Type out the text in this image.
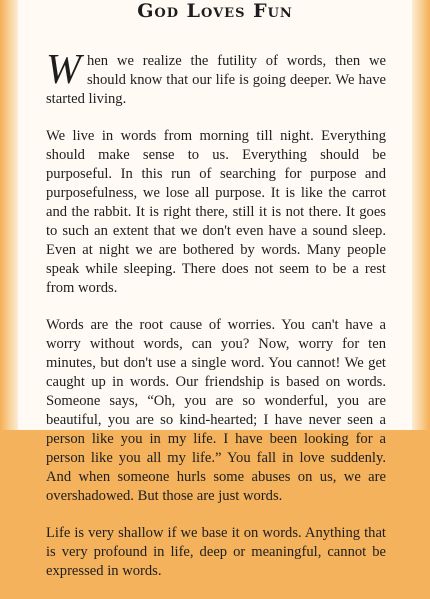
God Loves Fun

When we realize the futility of words, then we should know that our life is going deeper. We have started living.

We live in words from morning till night. Everything should make sense to us. Everything should be purposeful. In this run of searching for purpose and purposefulness, we lose all purpose. It is like the carrot and the rabbit. It is right there, still it is not there. It goes to such an extent that we don't even have a sound sleep. Even at night we are bothered by words. Many people speak while sleeping. There does not seem to be a rest from words.

Words are the root cause of worries. You can't have a worry without words, can you? Now, worry for ten minutes, but don't use a single word. You cannot! We get caught up in words. Our friendship is based on words. Someone says, “Oh, you are so wonderful, you are beautiful, you are so kind-hearted; I have never seen a person like you in my life. I have been looking for a person like you all my life.” You fall in love suddenly. And when someone hurls some abuses on us, we are overshadowed. But those are just words.

Life is very shallow if we base it on words. Anything that is very profound in life, deep or meaningful, cannot be expressed in words.
